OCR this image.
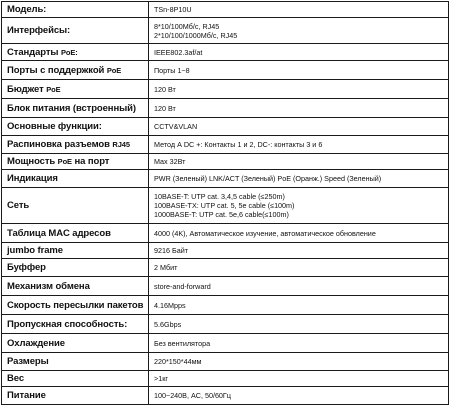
Модель:	TSn-8P10U
Интерфейсы:	8*10/100Мб/с, RJ45
2*10/100/1000Мб/с, RJ45

Стандарты PoE:	IEEE802.3af/at
Порты с поддержкой PoE	Порты 1~8
Бюджет PoE	120 Вт
Блок питания (встроенный)	120 Вт
Основные функции:	CCTV&VLAN
Распиновка разъемов RJ45	Метод А DC +: Контакты 1 и 2, DC-: контакты 3 и 6
Мощность PoE на порт	Max 32Вт
Индикация	PWR (Зеленый) LNK/ACT (Зеленый) PoE (Оранж.) Speed (Зеленый)
Сеть	10BASE-T: UTP cat. 3,4,5 cable (≤250m)
100BASE-TX: UTP cat. 5, 5e cable (≤100m)
1000BASE-T: UTP cat. 5e,6 cable(≤100m)

Таблица MAC адресов	4000 (4K), Автоматическое изучение, автоматическое обновление
jumbo frame	9216 Байт
Буффер	2 Мбит
Механизм обмена	store-and-forward
Скорость пересылки пакетов	4.16Mpps
Пропускная способность:	5.6Gbps
Охлаждение	Без вентилятора
Размеры	220*150*44мм
Вес	>1кг
Питание	100~240В, AC, 50/60Гц
